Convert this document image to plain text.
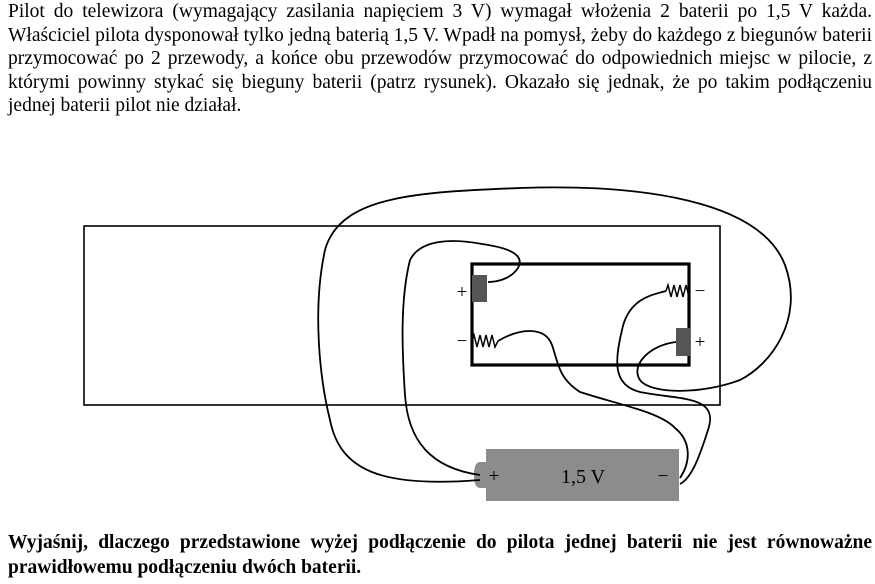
Pilot do telewizora (wymagający zasilania napięciem 3 V) wymagał włożenia 2 baterii po 1,5 V każda. Właściciel pilota dysponował tylko jedną baterią 1,5 V. Wpadł na pomysł, żeby do każdego z biegunów baterii przymocować po 2 przewody, a końce obu przewodów przymocować do odpowiednich miejsc w pilocie, z którymi powinny stykać się bieguny baterii (patrz rysunek). Okazało się jednak, że po takim podłączeniu jednej baterii pilot nie działał.

+	−
−	+
+	1,5 V	−

Wyjaśnij, dlaczego przedstawione wyżej podłączenie do pilota jednej baterii nie jest równoważne prawidłowemu podłączeniu dwóch baterii.
